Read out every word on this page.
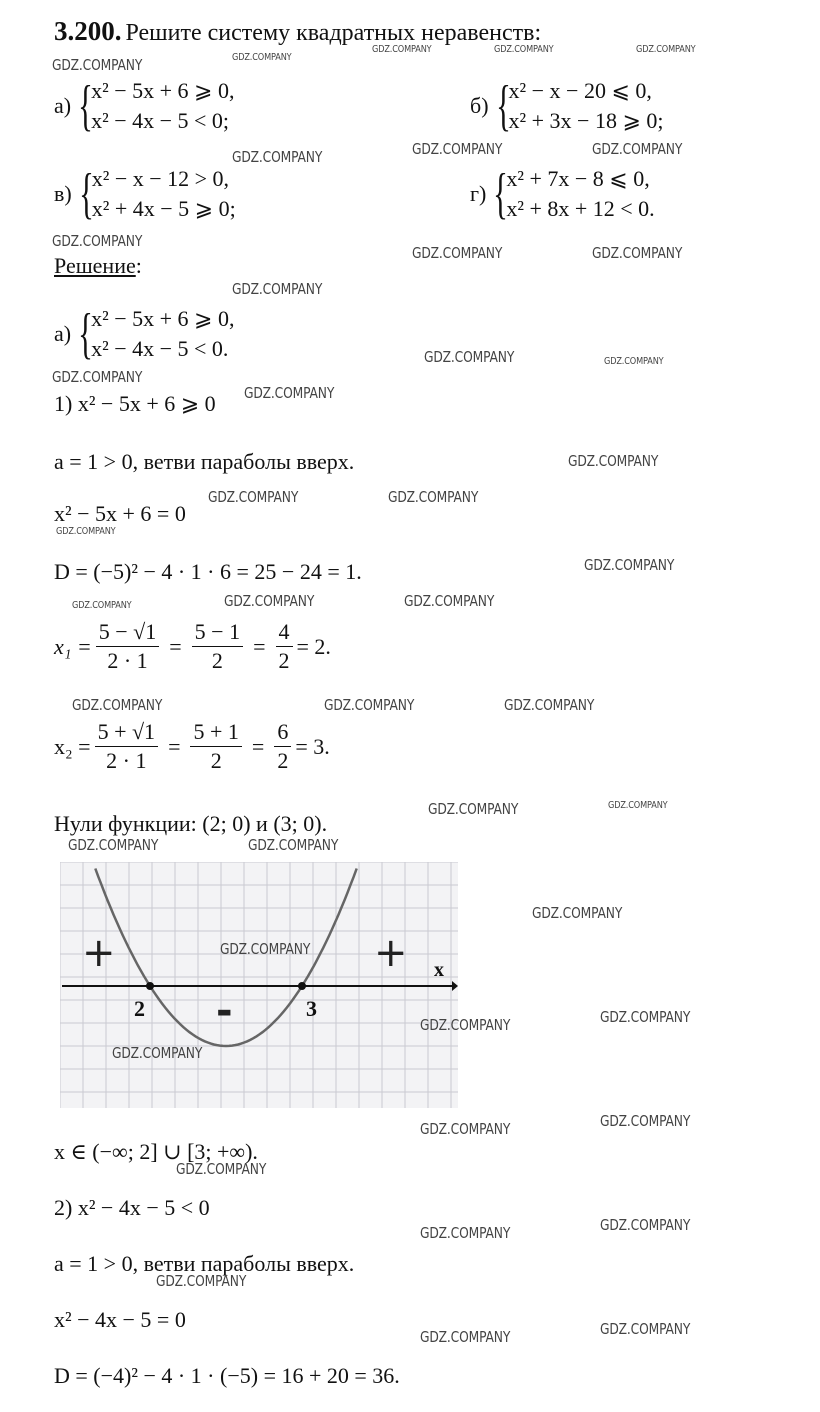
3.200. Решите систему квадратных неравенств:
а) {
x² − 5x + 6 ⩾ 0,
x² − 4x − 5 < 0;
б) {
x² − x − 20 ⩽ 0,
x² + 3x − 18 ⩾ 0;
в) {
x² − x − 12 > 0,
x² + 4x − 5 ⩾ 0;
г) {
x² + 7x − 8 ⩽ 0,
x² + 8x + 12 < 0.
Решение:
а) {
x² − 5x + 6 ⩾ 0,
x² − 4x − 5 < 0.
1) x² − 5x + 6 ⩾ 0
a = 1 > 0, ветви параболы вверх.
x² − 5x + 6 = 0
D = (−5)² − 4 · 1 · 6 = 25 − 24 = 1.
$x_1 = \frac{5 - √1}{2 \cdot 1} = \frac{5 - 1}{2} = \frac{4}{2} = 2$.
$x_2 = \frac{5 + √1}{2 \cdot 1} = \frac{5 + 1}{2} = \frac{6}{2} = 3$.
Нули функции: (2; 0) и (3; 0).
+	+
-
2	3
x
x ∈ (−∞; 2] ∪ [3; +∞).
2) x² − 4x − 5 < 0
a = 1 > 0, ветви параболы вверх.
x² − 4x − 5 = 0
D = (−4)² − 4 · 1 · (−5) = 16 + 20 = 36.
GDZ.COMPANY	GDZ.COMPANY
GDZ.COMPANY	GDZ.COMPANY	GDZ.COMPANY
GDZ.COMPANY	GDZ.COMPANY	GDZ.COMPANY
GDZ.COMPANY
GDZ.COMPANY	GDZ.COMPANY
GDZ.COMPANY
GDZ.COMPANY	GDZ.COMPANY
GDZ.COMPANY
GDZ.COMPANY
GDZ.COMPANY
GDZ.COMPANY	GDZ.COMPANY
GDZ.COMPANY
GDZ.COMPANY
GDZ.COMPANY	GDZ.COMPANY	GDZ.COMPANY
GDZ.COMPANY	GDZ.COMPANY	GDZ.COMPANY
GDZ.COMPANY	GDZ.COMPANY
GDZ.COMPANY	GDZ.COMPANY
GDZ.COMPANY
GDZ.COMPANY
GDZ.COMPANY
GDZ.COMPANY
GDZ.COMPANY
GDZ.COMPANY
GDZ.COMPANY
GDZ.COMPANY
GDZ.COMPANY
GDZ.COMPANY
GDZ.COMPANY
GDZ.COMPANY
GDZ.COMPANY
